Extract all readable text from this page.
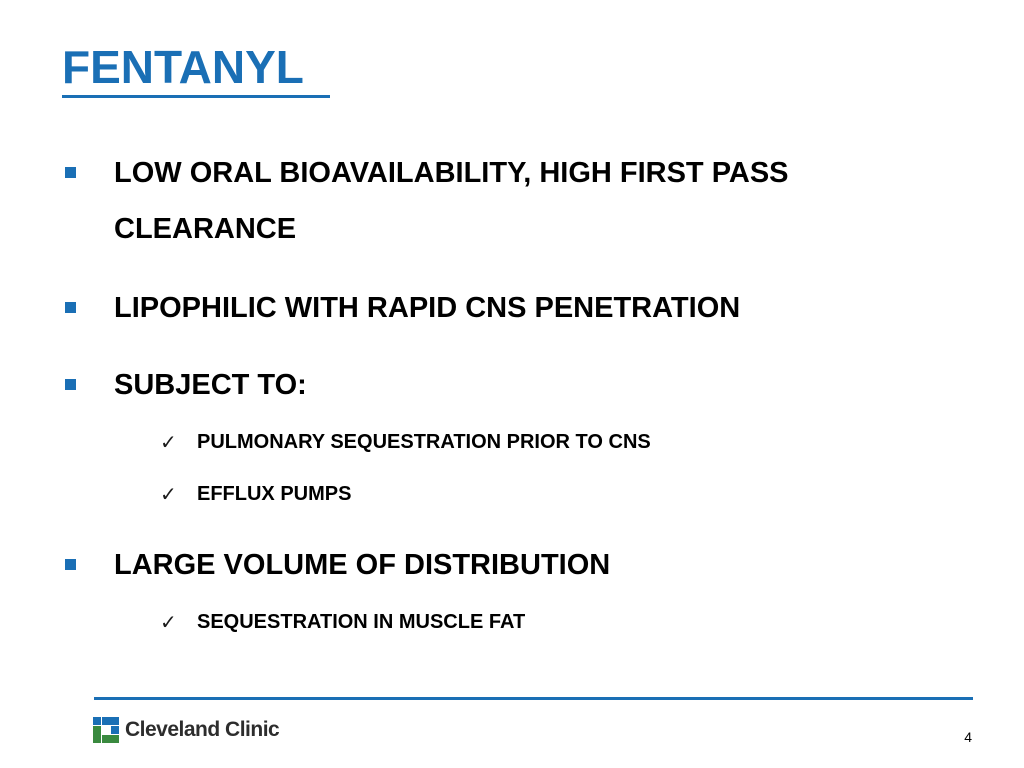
FENTANYL
LOW ORAL BIOAVAILABILITY, HIGH FIRST PASS
CLEARANCE
LIPOPHILIC WITH RAPID CNS PENETRATION
SUBJECT TO:
✓ PULMONARY SEQUESTRATION PRIOR TO CNS
✓ EFFLUX PUMPS
LARGE VOLUME OF DISTRIBUTION
✓ SEQUESTRATION IN MUSCLE FAT
Cleveland Clinic	4
